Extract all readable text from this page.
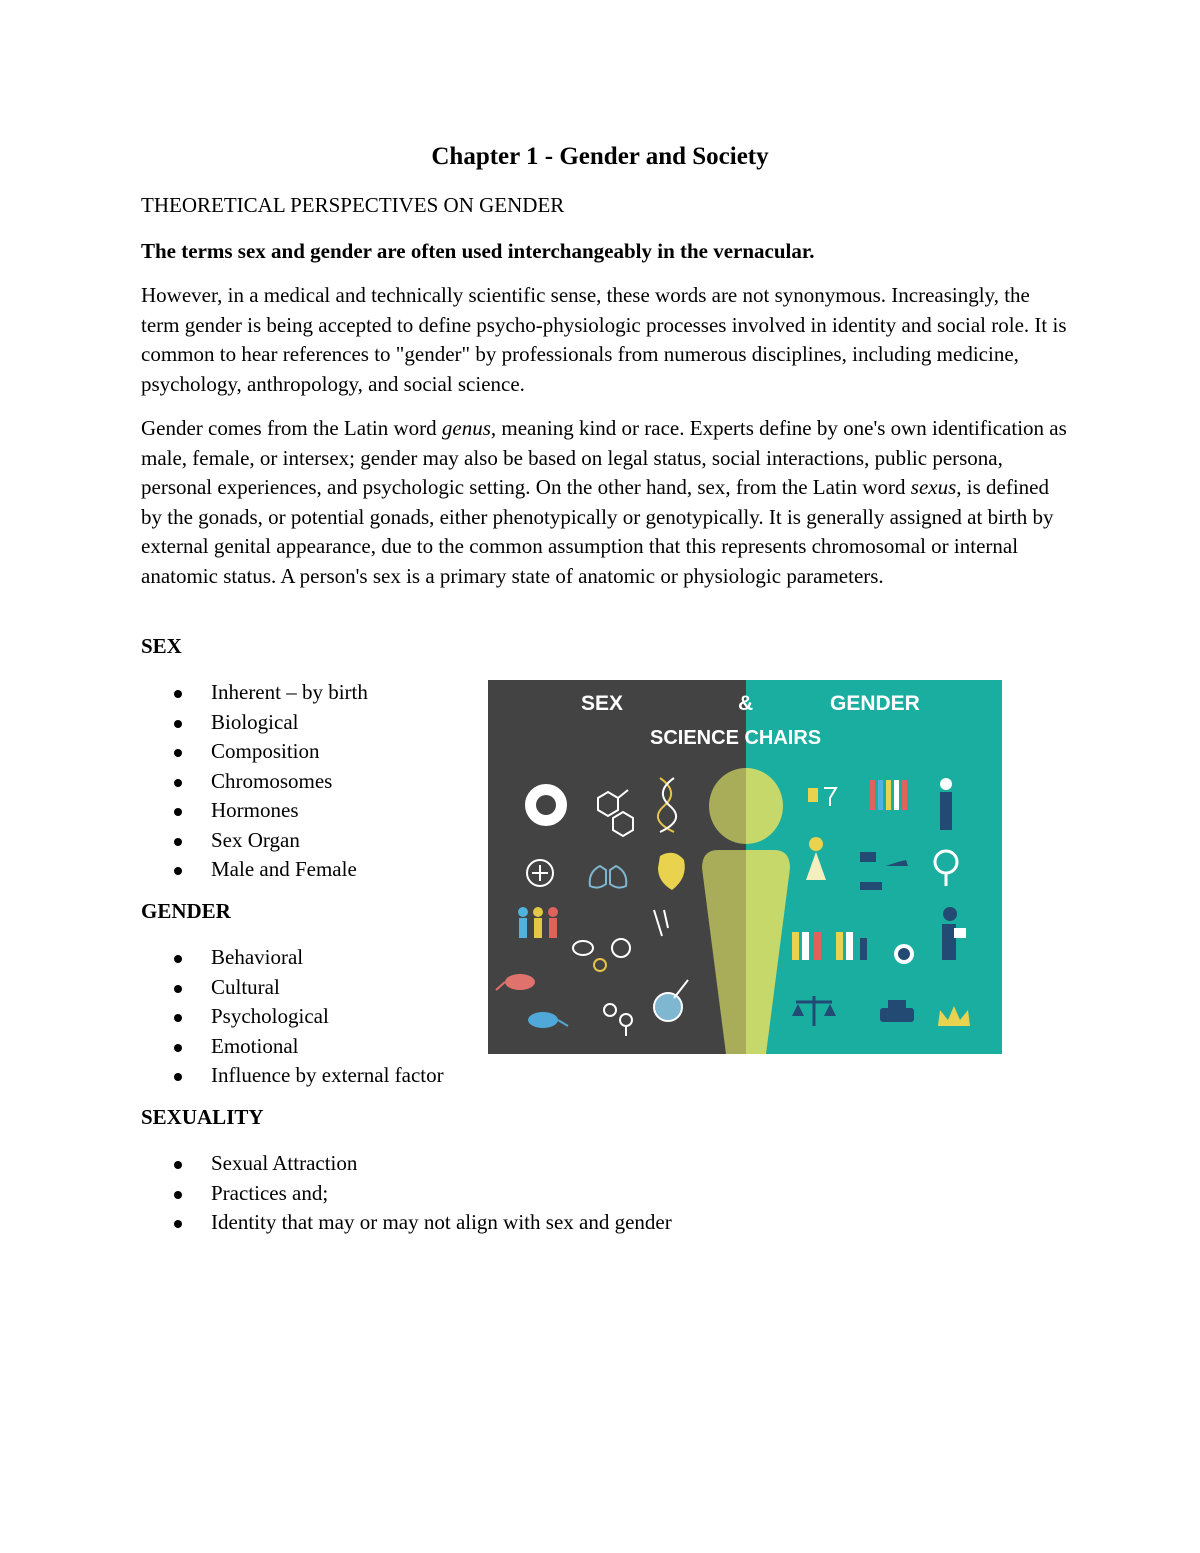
Chapter 1 - Gender and Society
THEORETICAL PERSPECTIVES ON GENDER
The terms sex and gender are often used interchangeably in the vernacular.

However, in a medical and technically scientific sense, these words are not synonymous. Increasingly, the term gender is being accepted to define psycho-physiologic processes involved in identity and social role. It is common to hear references to "gender" by professionals from numerous disciplines, including medicine, psychology, anthropology, and social science.

Gender comes from the Latin word genus, meaning kind or race. Experts define by one's own identification as male, female, or intersex; gender may also be based on legal status, social interactions, public persona, personal experiences, and psychologic setting. On the other hand, sex, from the Latin word sexus, is defined by the gonads, or potential gonads, either phenotypically or genotypically. It is generally assigned at birth by external genital appearance, due to the common assumption that this represents chromosomal or internal anatomic status. A person's sex is a primary state of anatomic or physiologic parameters.

SEX
Inherent – by birth
Biological
Composition
Chromosomes
Hormones
Sex Organ
Male and Female
GENDER
Behavioral
Cultural
Psychological
Emotional
Influence by external factor
SEXUALITY
Sexual Attraction
Practices and;
Identity that may or may not align with sex and gender
SEX	&	GENDER
SCIENCE CHAIRS
